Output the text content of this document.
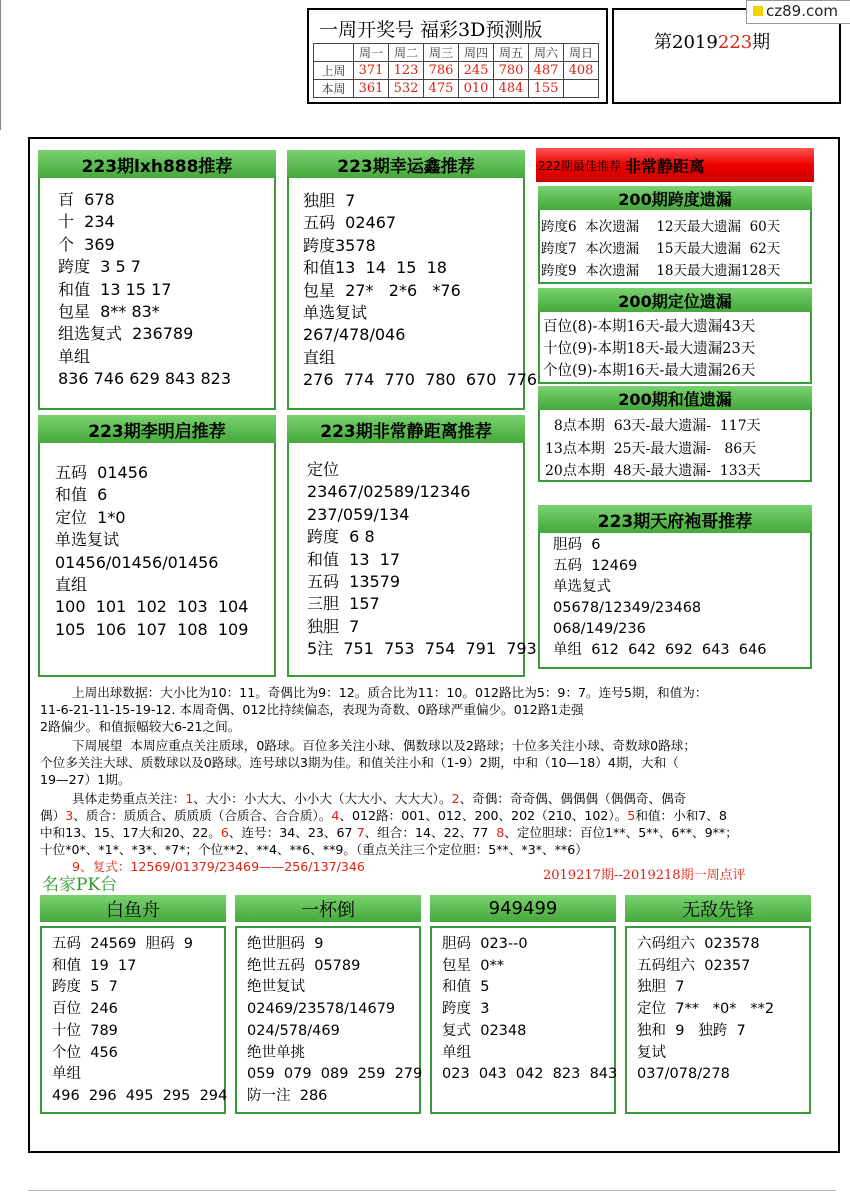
一周开奖号 福彩3D预测版
	周一	周二	周三	周四	周五	周六	周日
上周	371	123	786	245	780	487	408
本周	361	532	475	010	484	155	
第2019223期
cz89.com
223期lxh888推荐
百  678
十  234
个  369
跨度  3 5 7
和值  13 15 17
包星  8** 83*
组选复式  236789
单组
836 746 629 843 823
223期幸运鑫推荐
独胆  7
五码  02467
跨度3578
和值13  14  15  18
包星  27*   2*6   *76
单选复试
267/478/046
直组
276  774  770  780  670  776
223期李明启推荐
五码  01456
和值  6
定位  1*0
单选复试
01456/01456/01456
直组
100  101  102  103  104
105  106  107  108  109
223期非常静距离推荐
定位
23467/02589/12346
237/059/134
跨度  6 8
和值  13  17
五码  13579
三胆  157
独胆  7
5注  751  753  754  791  793
222期最佳推荐 非常静距离
200期跨度遗漏
跨度6  本次遗漏    12天最大遗漏  60天
跨度7  本次遗漏    15天最大遗漏  62天
跨度9  本次遗漏    18天最大遗漏128天
200期定位遗漏
百位(8)-本期16天-最大遗漏43天
十位(9)-本期18天-最大遗漏23天
个位(9)-本期16天-最大遗漏26天
200期和值遗漏
8点本期  63天-最大遗漏-  117天
13点本期  25天-最大遗漏-   86天
20点本期  48天-最大遗漏-  133天
223期天府袍哥推荐
胆码  6
五码  12469
单选复式
05678/12349/23468
068/149/236
单组  612  642  692  643  646
上周出球数据：大小比为10：11。奇偶比为9：12。质合比为11：10。012路比为5：9：7。连号5期，和值为：
11-6-21-11-15-19-12. 本周奇偶、012比持续偏态，表现为奇数、0路球严重偏少。012路1走强
2路偏少。和值振幅较大6-21之间。
下周展望  本周应重点关注质球，0路球。百位多关注小球、偶数球以及2路球；十位多关注小球、奇数球0路球；
个位多关注大球、质数球以及0路球。连号球以3期为佳。和值关注小和（1-9）2期，中和（10—18）4期，大和（
19—27）1期。
具体走势重点关注：1、大小：小大大、小小大（大大小、大大大）。2、奇偶：奇奇偶、偶偶偶（偶偶奇、偶奇
偶）3、质合：质质合、质质质（合质合、合合质）。4、012路：001、012、200、202（210、102）。5和值：小和7、8
中和13、15、17大和20、22。6、连号：34、23、67 7、组合：14、22、77  8、定位胆球：百位1**、5**、6**、9**；
十位*0*、*1*、*3*、*7*；个位**2、**4、**6、**9。（重点关注三个定位胆：5**、*3*、**6）
9、复式：12569/01379/23469——256/137/346
名家PK台	2019217期--2019218期一周点评
白鱼舟
五码  24569  胆码  9
和值  19  17
跨度  5  7
百位  246
十位  789
个位  456
单组
496  296  495  295  294
一杯倒
绝世胆码  9
绝世五码  05789
绝世复试
02469/23578/14679
024/578/469
绝世单挑
059  079  089  259  279
防一注  286
949499
胆码  023--0
包星  0**
和值  5
跨度  3
复式  02348
单组
023  043  042  823  843
无敌先锋
六码组六  023578
五码组六  02357
独胆  7
定位  7**   *0*   **2
独和  9   独跨  7
复试
037/078/278
